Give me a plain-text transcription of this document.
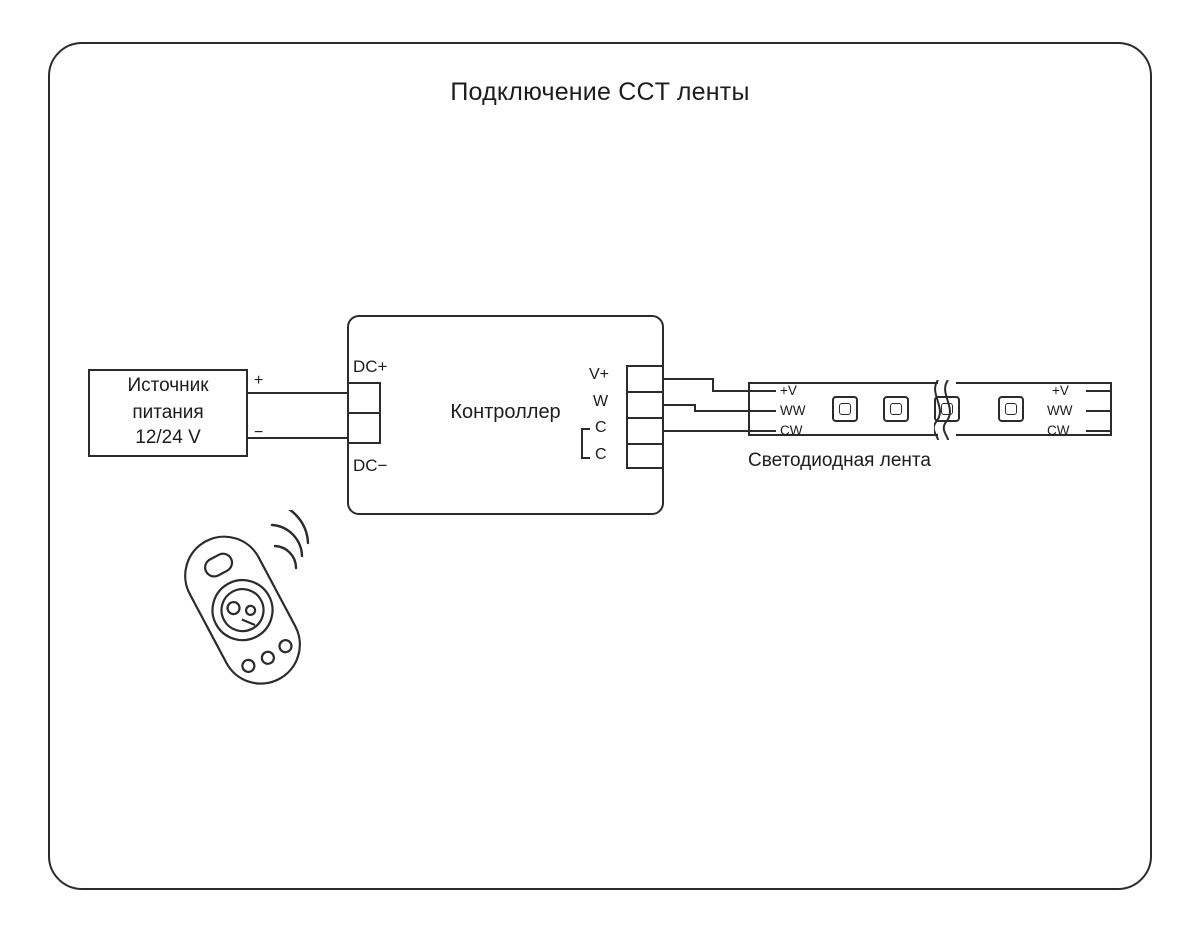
Подключение CCT ленты
Источник
питания
12/24 V
+
−
Контроллер
DC+
DC−
V+
W
C
C
+V
WW
CW
+V
WW
CW
Светодиодная лента
